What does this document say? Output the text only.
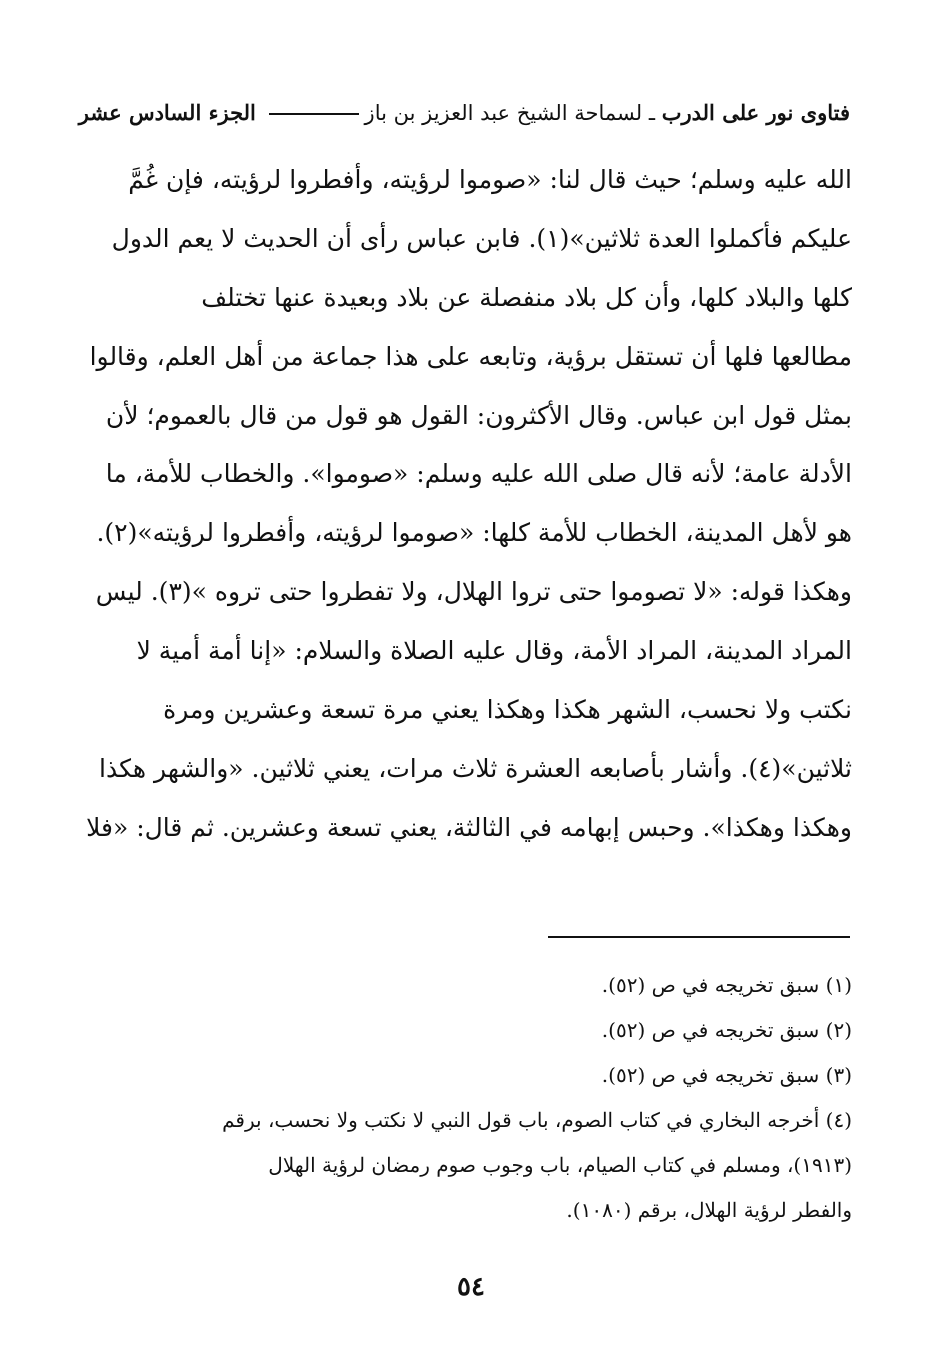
فتاوى نور على الدرب ـ لسماحة الشيخ عبد العزيز بن باز
الجزء السادس عشر
الله عليه وسلم؛ حيث قال لنا: «صوموا لرؤيته، وأفطروا لرؤيته، فإن غُمَّ
عليكم فأكملوا العدة ثلاثين»(١). فابن عباس رأى أن الحديث لا يعم الدول
كلها والبلاد كلها، وأن كل بلاد منفصلة عن بلاد وبعيدة عنها تختلف
مطالعها فلها أن تستقل برؤية، وتابعه على هذا جماعة من أهل العلم، وقالوا
بمثل قول ابن عباس. وقال الأكثرون: القول هو قول من قال بالعموم؛ لأن
الأدلة عامة؛ لأنه قال صلى الله عليه وسلم: «صوموا». والخطاب للأمة، ما
هو لأهل المدينة، الخطاب للأمة كلها: «صوموا لرؤيته، وأفطروا لرؤيته»(٢).
وهكذا قوله: «لا تصوموا حتى تروا الهلال، ولا تفطروا حتى تروه »(٣). ليس
المراد المدينة، المراد الأمة، وقال عليه الصلاة والسلام: «إنا أمة أمية لا
نكتب ولا نحسب، الشهر هكذا وهكذا يعني مرة تسعة وعشرين ومرة
ثلاثين»(٤). وأشار بأصابعه العشرة ثلاث مرات، يعني ثلاثين. «والشهر هكذا
وهكذا وهكذا». وحبس إبهامه في الثالثة، يعني تسعة وعشرين. ثم قال: «فلا
(١) سبق تخريجه في ص (٥٢).
(٢) سبق تخريجه في ص (٥٢).
(٣) سبق تخريجه في ص (٥٢).
(٤) أخرجه البخاري في كتاب الصوم، باب قول النبي لا نكتب ولا نحسب، برقم
(١٩١٣)، ومسلم في كتاب الصيام، باب وجوب صوم رمضان لرؤية الهلال
والفطر لرؤية الهلال، برقم (١٠٨٠).
٥٤
